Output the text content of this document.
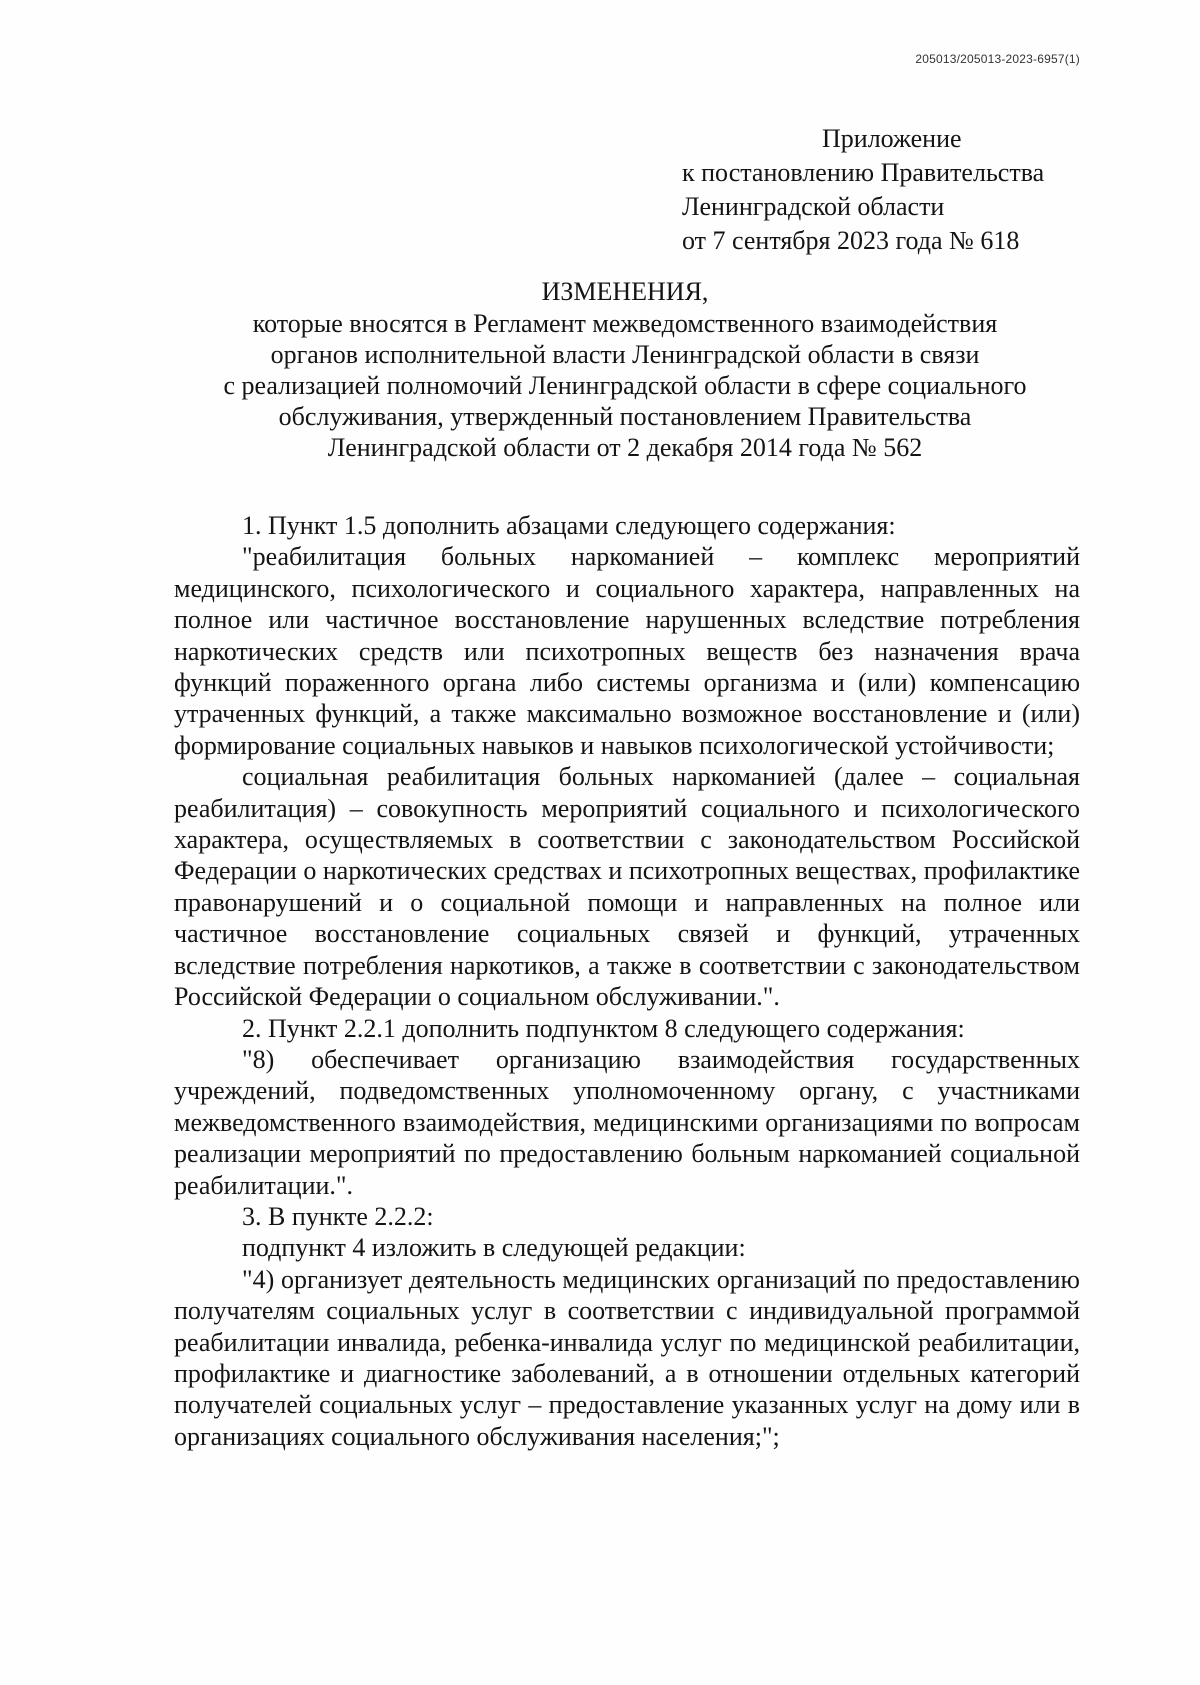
205013/205013-2023-6957(1)
Приложение
к постановлению Правительства
Ленинградской области
от 7 сентября 2023 года № 618
ИЗМЕНЕНИЯ,
которые вносятся в Регламент межведомственного взаимодействия
органов исполнительной власти Ленинградской области в связи
с реализацией полномочий Ленинградской области в сфере социального
обслуживания, утвержденный постановлением Правительства
Ленинградской области от 2 декабря 2014 года № 562

1. Пункт 1.5 дополнить абзацами следующего содержания:

"реабилитация больных наркоманией – комплекс мероприятий медицинского, психологического и социального характера, направленных на полное или частичное восстановление нарушенных вследствие потребления наркотических средств или психотропных веществ без назначения врача функций пораженного органа либо системы организма и (или) компенсацию утраченных функций, а также максимально возможное восстановление и (или) формирование социальных навыков и навыков психологической устойчивости;

социальная реабилитация больных наркоманией (далее – социальная реабилитация) – совокупность мероприятий социального и психологического характера, осуществляемых в соответствии с законодательством Российской Федерации о наркотических средствах и психотропных веществах, профилактике правонарушений и о социальной помощи и направленных на полное или частичное восстановление социальных связей и функций, утраченных вследствие потребления наркотиков, а также в соответствии с законодательством Российской Федерации о социальном обслуживании.".

2. Пункт 2.2.1 дополнить подпунктом 8 следующего содержания:

"8) обеспечивает организацию взаимодействия государственных учреждений, подведомственных уполномоченному органу, с участниками межведомственного взаимодействия, медицинскими организациями по вопросам реализации мероприятий по предоставлению больным наркоманией социальной реабилитации.".

3. В пункте 2.2.2:

подпункт 4 изложить в следующей редакции:

"4) организует деятельность медицинских организаций по предоставлению получателям социальных услуг в соответствии с индивидуальной программой реабилитации инвалида, ребенка-инвалида услуг по медицинской реабилитации, профилактике и диагностике заболеваний, а в отношении отдельных категорий получателей социальных услуг – предоставление указанных услуг на дому или в организациях социального обслуживания населения;";
